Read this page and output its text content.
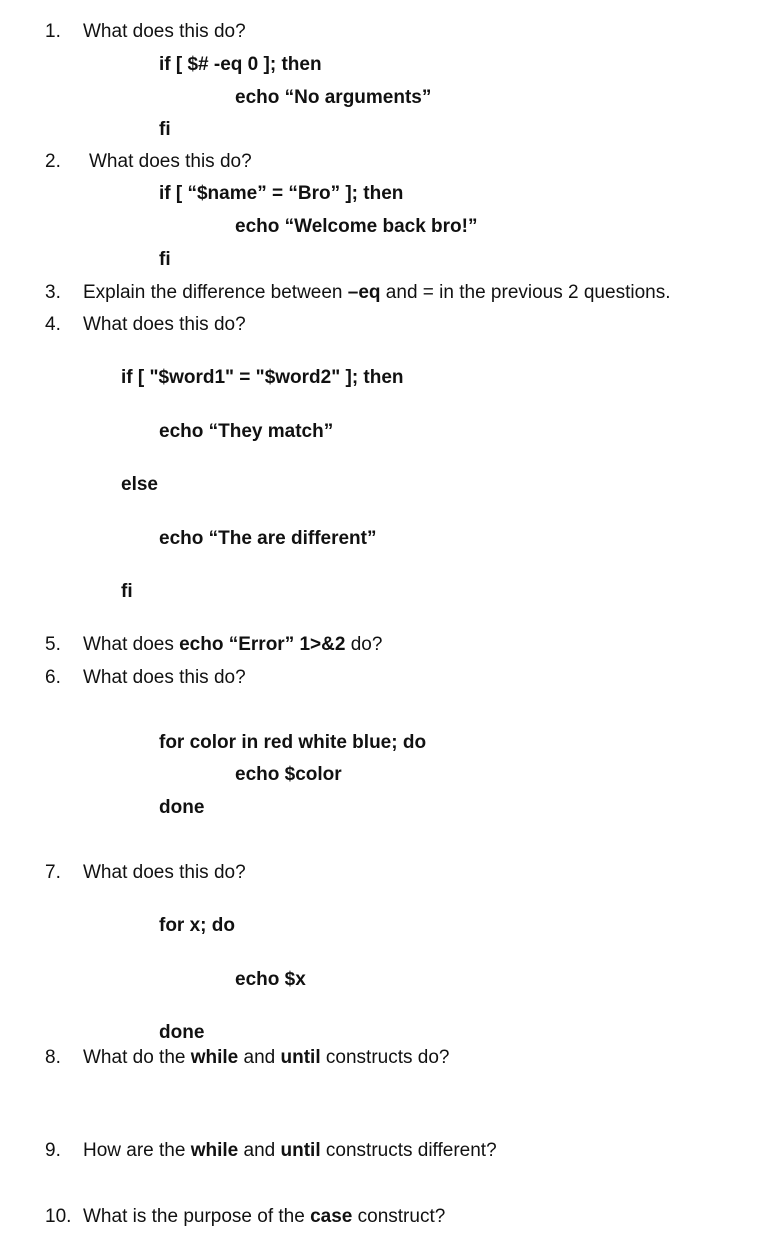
1. What does this do?
if [ $# -eq 0 ]; then
echo “No arguments”
fi
2. What does this do?
if [ “$name” = “Bro” ]; then
echo “Welcome back bro!”
fi
3. Explain the difference between –eq and = in the previous 2 questions.
4. What does this do?
if [ "$word1" = "$word2" ]; then
echo “They match”
else
echo “The are different”
fi
5. What does echo “Error” 1>&2 do?
6. What does this do?
for color in red white blue; do
echo $color
done
7. What does this do?
for x; do
echo $x
done
8. What do the while and until constructs do?
9. How are the while and until constructs different?
10. What is the purpose of the case construct?
